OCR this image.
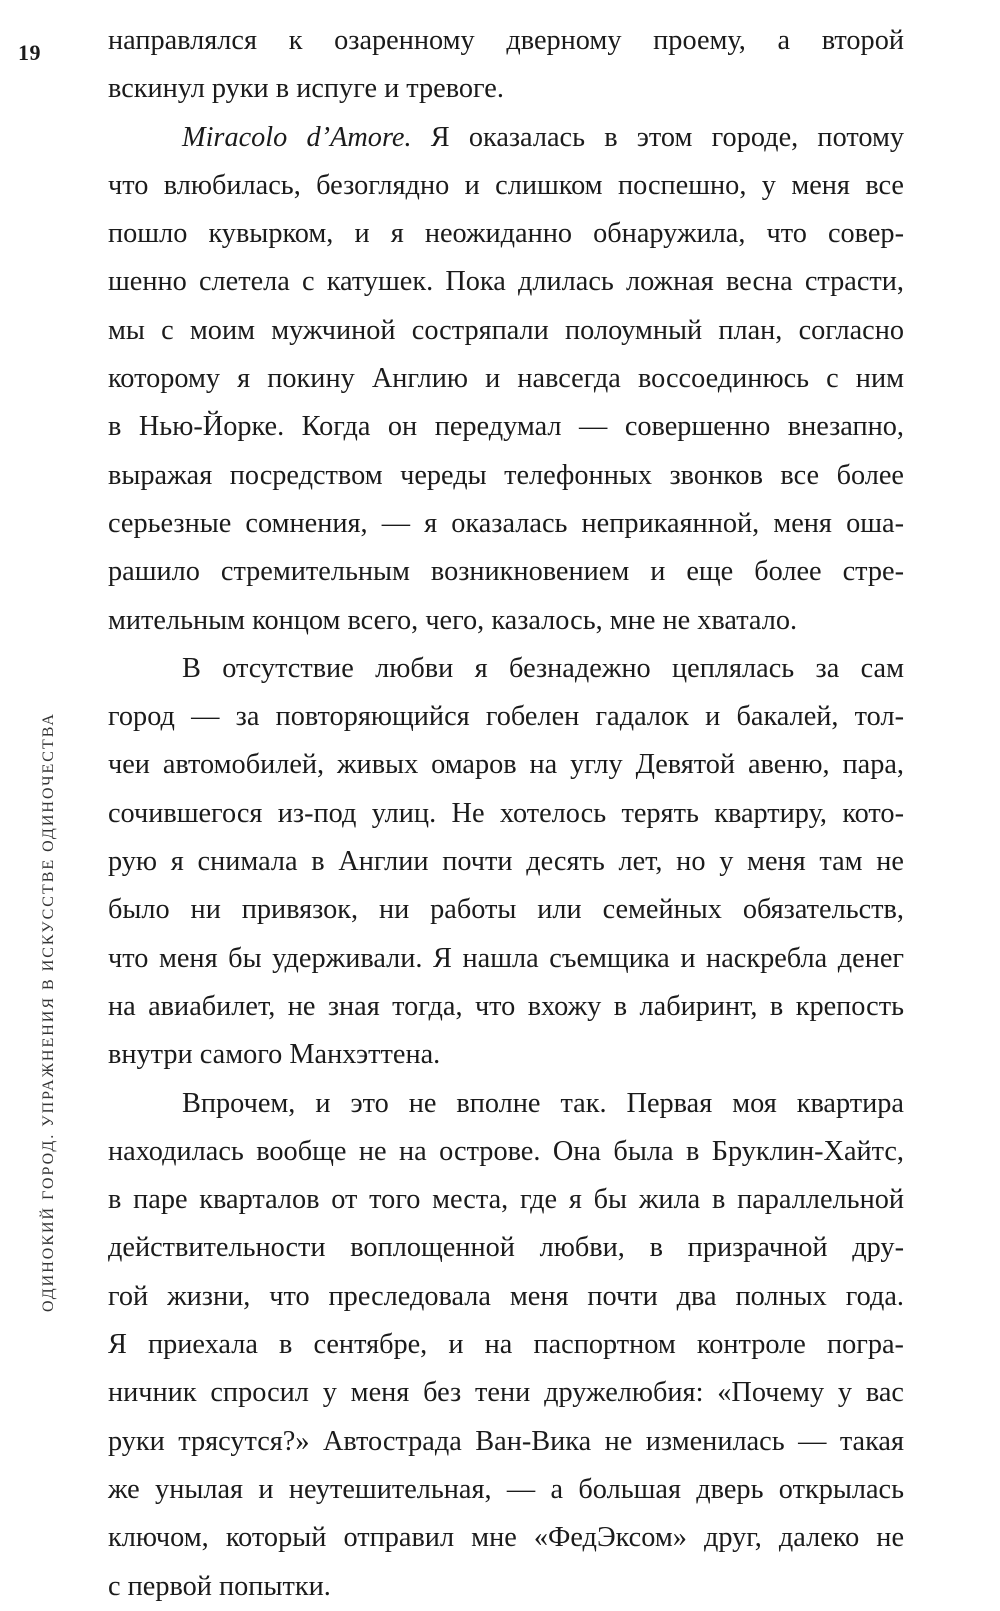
19
ОДИНОКИЙ ГОРОД. УПРАЖНЕНИЯ В ИСКУССТВЕ ОДИНОЧЕСТВА
направлялся к озаренному дверному проему, а второй
вскинул руки в испуге и тревоге.
Miracolo d’Amore. Я оказалась в этом городе, потому
что влюбилась, безоглядно и слишком поспешно, у меня все
пошло кувырком, и я неожиданно обнаружила, что совер-
шенно слетела с катушек. Пока длилась ложная весна страсти,
мы с моим мужчиной состряпали полоумный план, согласно
которому я покину Англию и навсегда воссоединюсь с ним
в Нью-Йорке. Когда он передумал — совершенно внезапно,
выражая посредством череды телефонных звонков все более
серьезные сомнения, — я оказалась неприкаянной, меня оша-
рашило стремительным возникновением и еще более стре-
мительным концом всего, чего, казалось, мне не хватало.
В отсутствие любви я безнадежно цеплялась за сам
город — за повторяющийся гобелен гадалок и бакалей, тол-
чеи автомобилей, живых омаров на углу Девятой авеню, пара,
сочившегося из-под улиц. Не хотелось терять квартиру, кото-
рую я снимала в Англии почти десять лет, но у меня там не
было ни привязок, ни работы или семейных обязательств,
что меня бы удерживали. Я нашла съемщика и наскребла денег
на авиабилет, не зная тогда, что вхожу в лабиринт, в крепость
внутри самого Манхэттена.
Впрочем, и это не вполне так. Первая моя квартира
находилась вообще не на острове. Она была в Бруклин-Хайтс,
в паре кварталов от того места, где я бы жила в параллельной
действительности воплощенной любви, в призрачной дру-
гой жизни, что преследовала меня почти два полных года.
Я приехала в сентябре, и на паспортном контроле погра-
ничник спросил у меня без тени дружелюбия: «Почему у вас
руки трясутся?» Автострада Ван-Вика не изменилась — такая
же унылая и неутешительная, — а большая дверь открылась
ключом, который отправил мне «ФедЭксом» друг, далеко не
с первой попытки.
